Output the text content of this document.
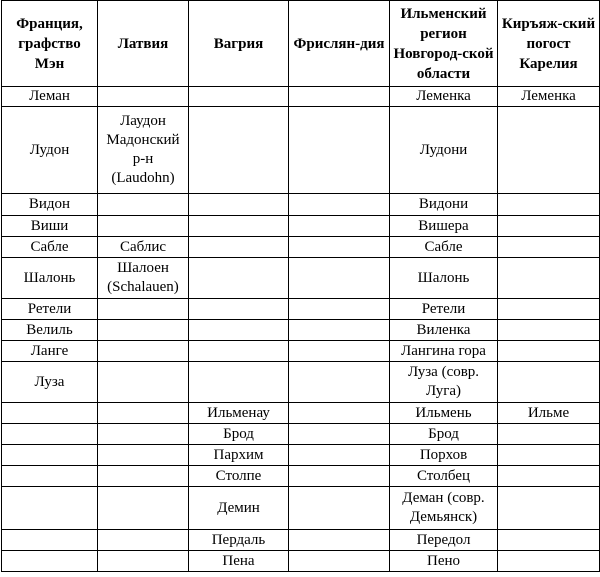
Франция, графство Мэн	Латвия	Вагрия	Фрислян-дия	Ильменский регион Новгород-ской области	Киръяж-ский погост Карелия
Леман				Леменка	Леменка
Лудон	Лаудон Мадонский р-н (Laudohn)			Лудони	
Видон				Видони	
Виши				Вишера	
Сабле	Саблис			Сабле	
Шалонь	Шалоен (Schalauen)			Шалонь	
Ретели				Ретели	
Велиль				Виленка	
Ланге				Лангина гора	
Луза				Луза (совр. Луга)	
		Ильменау		Ильмень	Ильме
		Брод		Брод	
		Пархим		Порхов	
		Столпе		Столбец	
		Демин		Деман (совр. Демьянск)	
		Пердаль		Передол	
		Пена		Пено	
